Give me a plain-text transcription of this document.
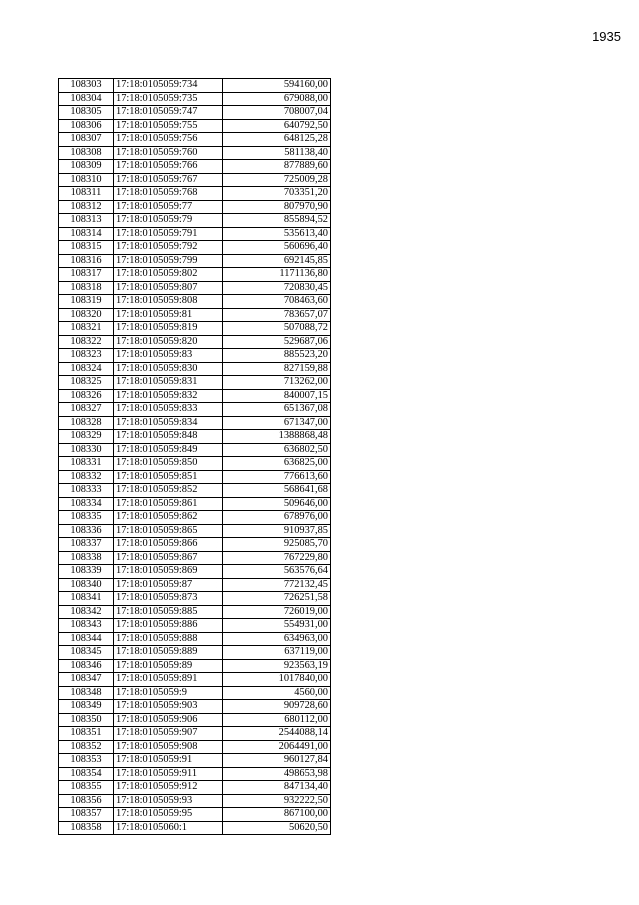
1935
108303	17:18:0105059:734	594160,00
108304	17:18:0105059:735	679088,00
108305	17:18:0105059:747	708007,04
108306	17:18:0105059:755	640792,50
108307	17:18:0105059:756	648125,28
108308	17:18:0105059:760	581138,40
108309	17:18:0105059:766	877889,60
108310	17:18:0105059:767	725009,28
108311	17:18:0105059:768	703351,20
108312	17:18:0105059:77	807970,90
108313	17:18:0105059:79	855894,52
108314	17:18:0105059:791	535613,40
108315	17:18:0105059:792	560696,40
108316	17:18:0105059:799	692145,85
108317	17:18:0105059:802	1171136,80
108318	17:18:0105059:807	720830,45
108319	17:18:0105059:808	708463,60
108320	17:18:0105059:81	783657,07
108321	17:18:0105059:819	507088,72
108322	17:18:0105059:820	529687,06
108323	17:18:0105059:83	885523,20
108324	17:18:0105059:830	827159,88
108325	17:18:0105059:831	713262,00
108326	17:18:0105059:832	840007,15
108327	17:18:0105059:833	651367,08
108328	17:18:0105059:834	671347,00
108329	17:18:0105059:848	1388868,48
108330	17:18:0105059:849	636802,50
108331	17:18:0105059:850	636825,00
108332	17:18:0105059:851	776613,60
108333	17:18:0105059:852	568641,68
108334	17:18:0105059:861	509646,00
108335	17:18:0105059:862	678976,00
108336	17:18:0105059:865	910937,85
108337	17:18:0105059:866	925085,70
108338	17:18:0105059:867	767229,80
108339	17:18:0105059:869	563576,64
108340	17:18:0105059:87	772132,45
108341	17:18:0105059:873	726251,58
108342	17:18:0105059:885	726019,00
108343	17:18:0105059:886	554931,00
108344	17:18:0105059:888	634963,00
108345	17:18:0105059:889	637119,00
108346	17:18:0105059:89	923563,19
108347	17:18:0105059:891	1017840,00
108348	17:18:0105059:9	4560,00
108349	17:18:0105059:903	909728,60
108350	17:18:0105059:906	680112,00
108351	17:18:0105059:907	2544088,14
108352	17:18:0105059:908	2064491,00
108353	17:18:0105059:91	960127,84
108354	17:18:0105059:911	498653,98
108355	17:18:0105059:912	847134,40
108356	17:18:0105059:93	932222,50
108357	17:18:0105059:95	867100,00
108358	17:18:0105060:1	50620,50
